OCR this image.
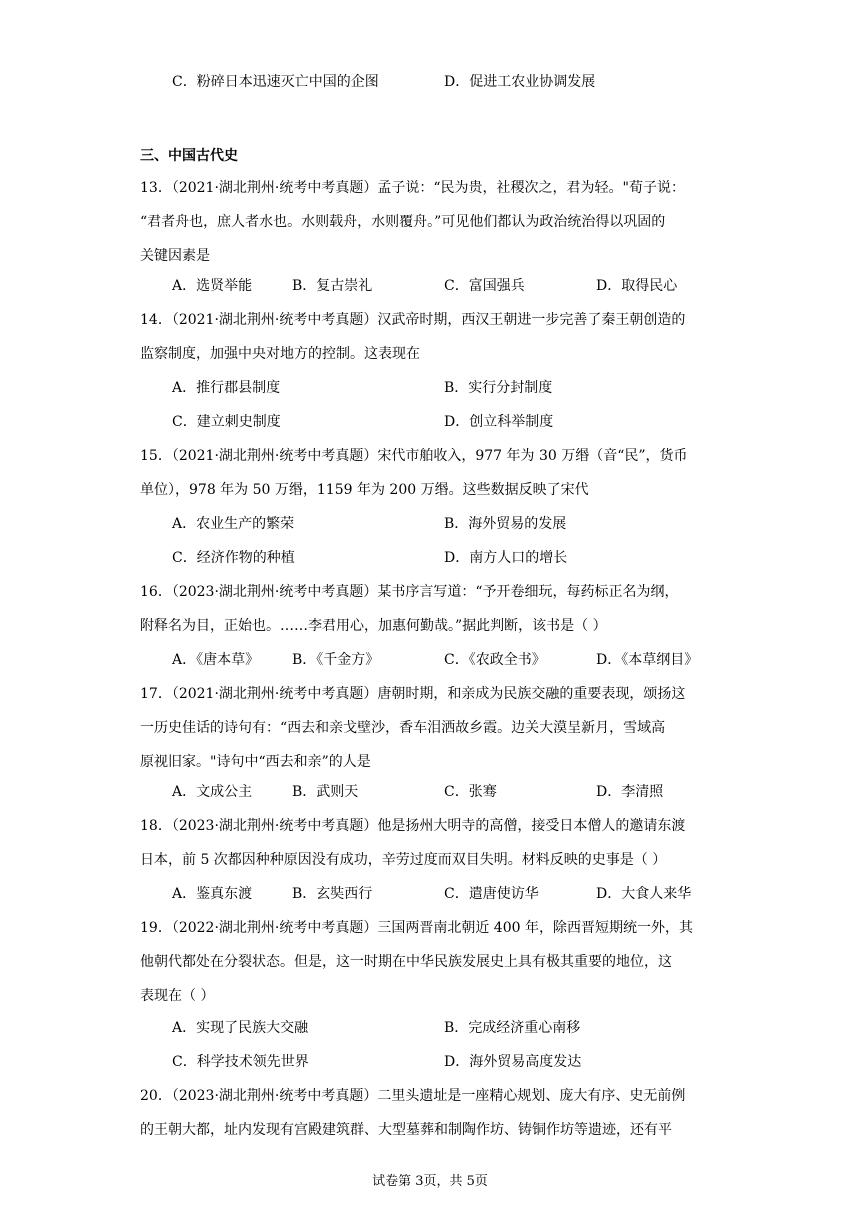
C．粉碎日本迅速灭亡中国的企图	D．促进工农业协调发展
三、中国古代史
13．（2021·湖北荆州·统考中考真题）孟子说：“民为贵，社稷次之，君为轻。"荀子说：
“君者舟也，庶人者水也。水则载舟，水则覆舟。”可见他们都认为政治统治得以巩固的
关键因素是
A．选贤举能	B．复古崇礼	C．富国强兵	D．取得民心
14．（2021·湖北荆州·统考中考真题）汉武帝时期，西汉王朝进一步完善了秦王朝创造的
监察制度，加强中央对地方的控制。这表现在
A．推行郡县制度	B．实行分封制度
C．建立刺史制度	D．创立科举制度
15．（2021·湖北荆州·统考中考真题）宋代市舶收入，977 年为 30 万缗（音“民”，货币
单位），978 年为 50 万缗，1159 年为 200 万缗。这些数据反映了宋代
A．农业生产的繁荣	B．海外贸易的发展
C．经济作物的种植	D．南方人口的增长
16．（2023·湖北荆州·统考中考真题）某书序言写道：“予开卷细玩，每药标正名为纲，
附释名为目，正始也。……李君用心，加惠何勤哉。”据此判断，该书是（ ）
A．《唐本草》 B．《千金方》	C．《农政全书》	D．《本草纲目》
17．（2021·湖北荆州·统考中考真题）唐朝时期，和亲成为民族交融的重要表现，颂扬这
一历史佳话的诗句有：“西去和亲戈壁沙，香车泪洒故乡霞。边关大漠呈新月，雪域高
原视旧家。"诗句中“西去和亲”的人是
A．文成公主	B．武则天	C．张骞	D．李清照
18．（2023·湖北荆州·统考中考真题）他是扬州大明寺的高僧，接受日本僧人的邀请东渡
日本，前 5 次都因种种原因没有成功，辛劳过度而双目失明。材料反映的史事是（ ）
A．鉴真东渡	B．玄奘西行	C．遣唐使访华	D．大食人来华
19．（2022·湖北荆州·统考中考真题）三国两晋南北朝近 400 年，除西晋短期统一外，其
他朝代都处在分裂状态。但是，这一时期在中华民族发展史上具有极其重要的地位，这
表现在（ ）
A．实现了民族大交融	B．完成经济重心南移
C．科学技术领先世界	D．海外贸易高度发达
20．（2023·湖北荆州·统考中考真题）二里头遗址是一座精心规划、庞大有序、史无前例
的王朝大都，址内发现有宫殿建筑群、大型墓葬和制陶作坊、铸铜作坊等遗迹，还有平
试卷第 3页，共 5页
